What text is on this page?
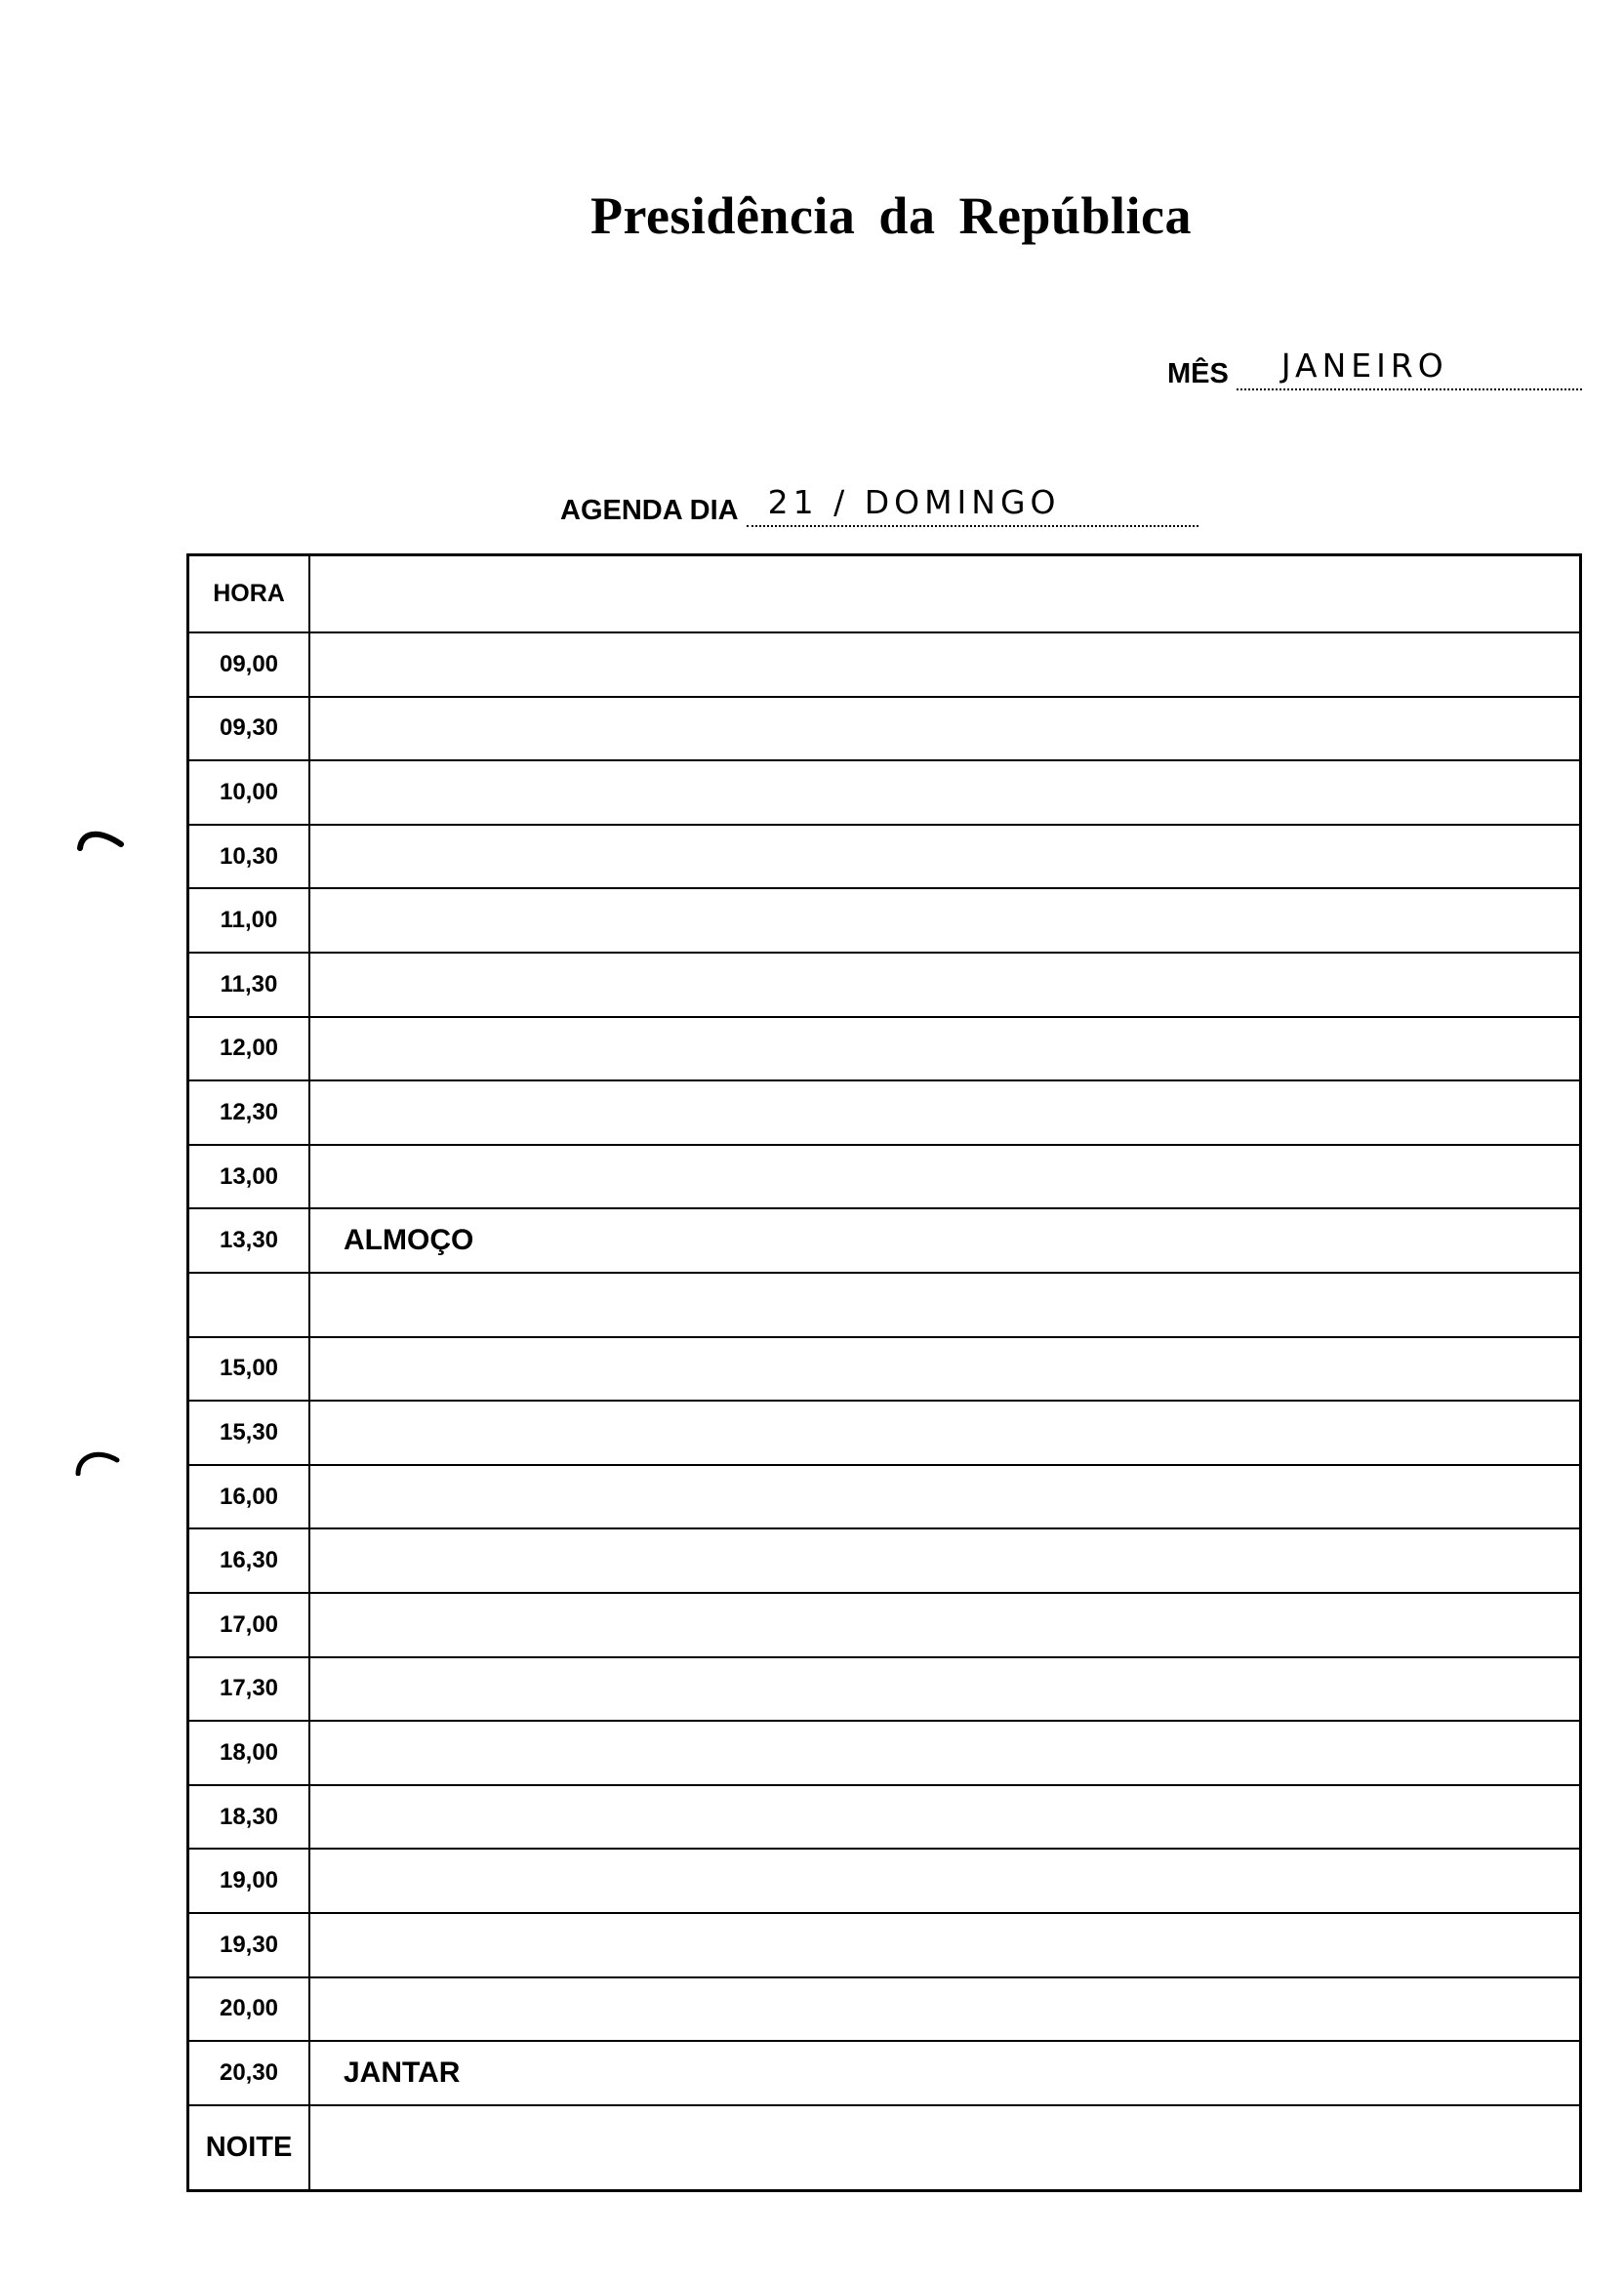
Presidência da República
MÊS JANEIRO
AGENDA DIA 21 / DOMINGO
HORA
09,00
09,30
10,00
10,30
11,00
11,30
12,00
12,30
13,00
13,30	ALMOÇO
15,00
15,30
16,00
16,30
17,00
17,30
18,00
18,30
19,00
19,30
20,00
20,30	JANTAR
NOITE
